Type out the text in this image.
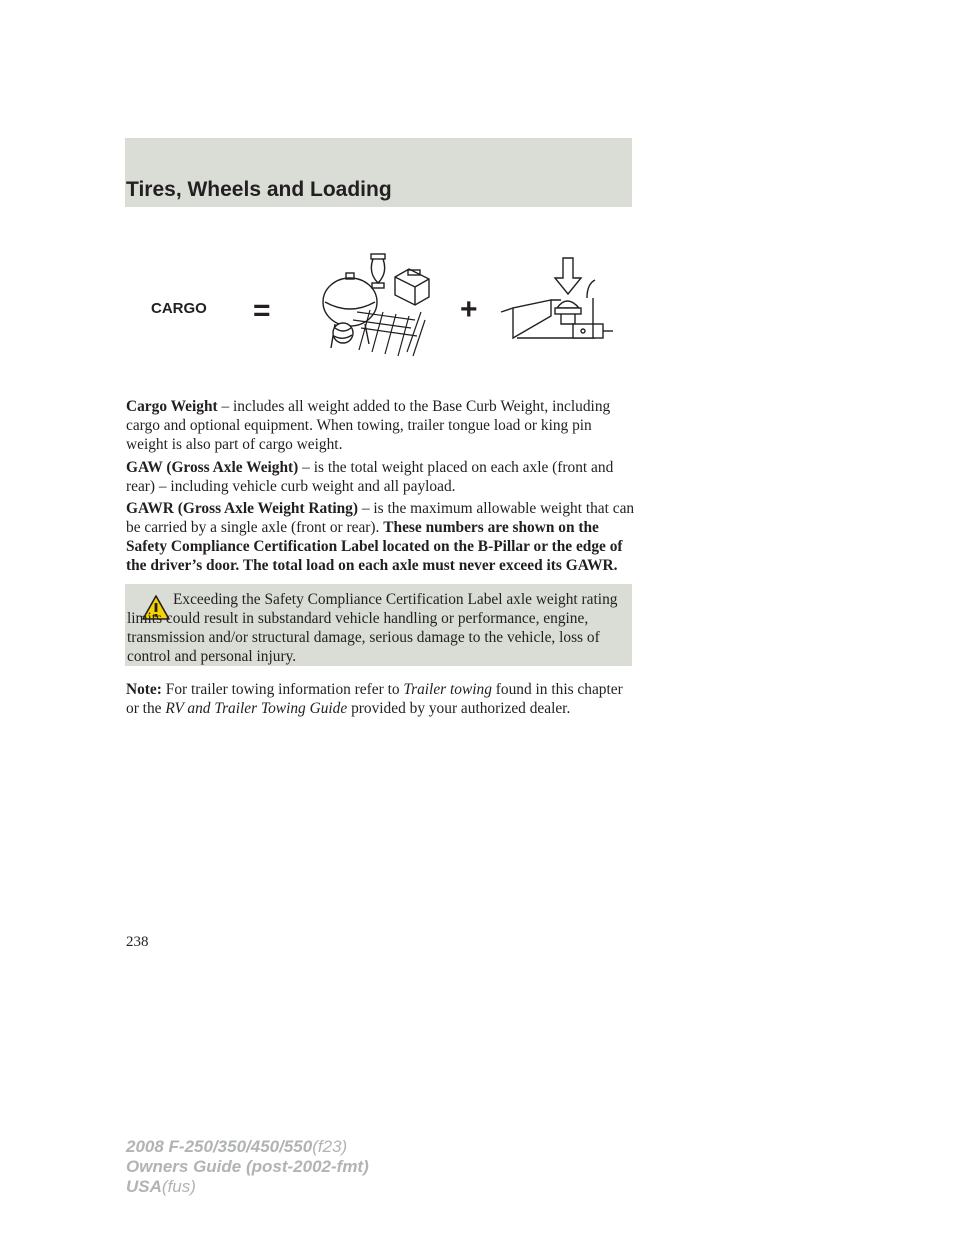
Tires, Wheels and Loading
CARGO =	+

Cargo Weight – includes all weight added to the Base Curb Weight, including cargo and optional equipment. When towing, trailer tongue load or king pin weight is also part of cargo weight.

GAW (Gross Axle Weight) – is the total weight placed on each axle (front and rear) – including vehicle curb weight and all payload.

GAWR (Gross Axle Weight Rating) – is the maximum allowable weight that can be carried by a single axle (front or rear). These numbers are shown on the Safety Compliance Certification Label located on the B-Pillar or the edge of the driver’s door. The total load on each axle must never exceed its GAWR.

Exceeding the Safety Compliance Certification Label axle weight rating limits could result in substandard vehicle handling or performance, engine, transmission and/or structural damage, serious damage to the vehicle, loss of control and personal injury.

Note: For trailer towing information refer to Trailer towing found in this chapter or the RV and Trailer Towing Guide provided by your authorized dealer.

238
2008 F-250/350/450/550(f23)
Owners Guide (post-2002-fmt)
USA(fus)
